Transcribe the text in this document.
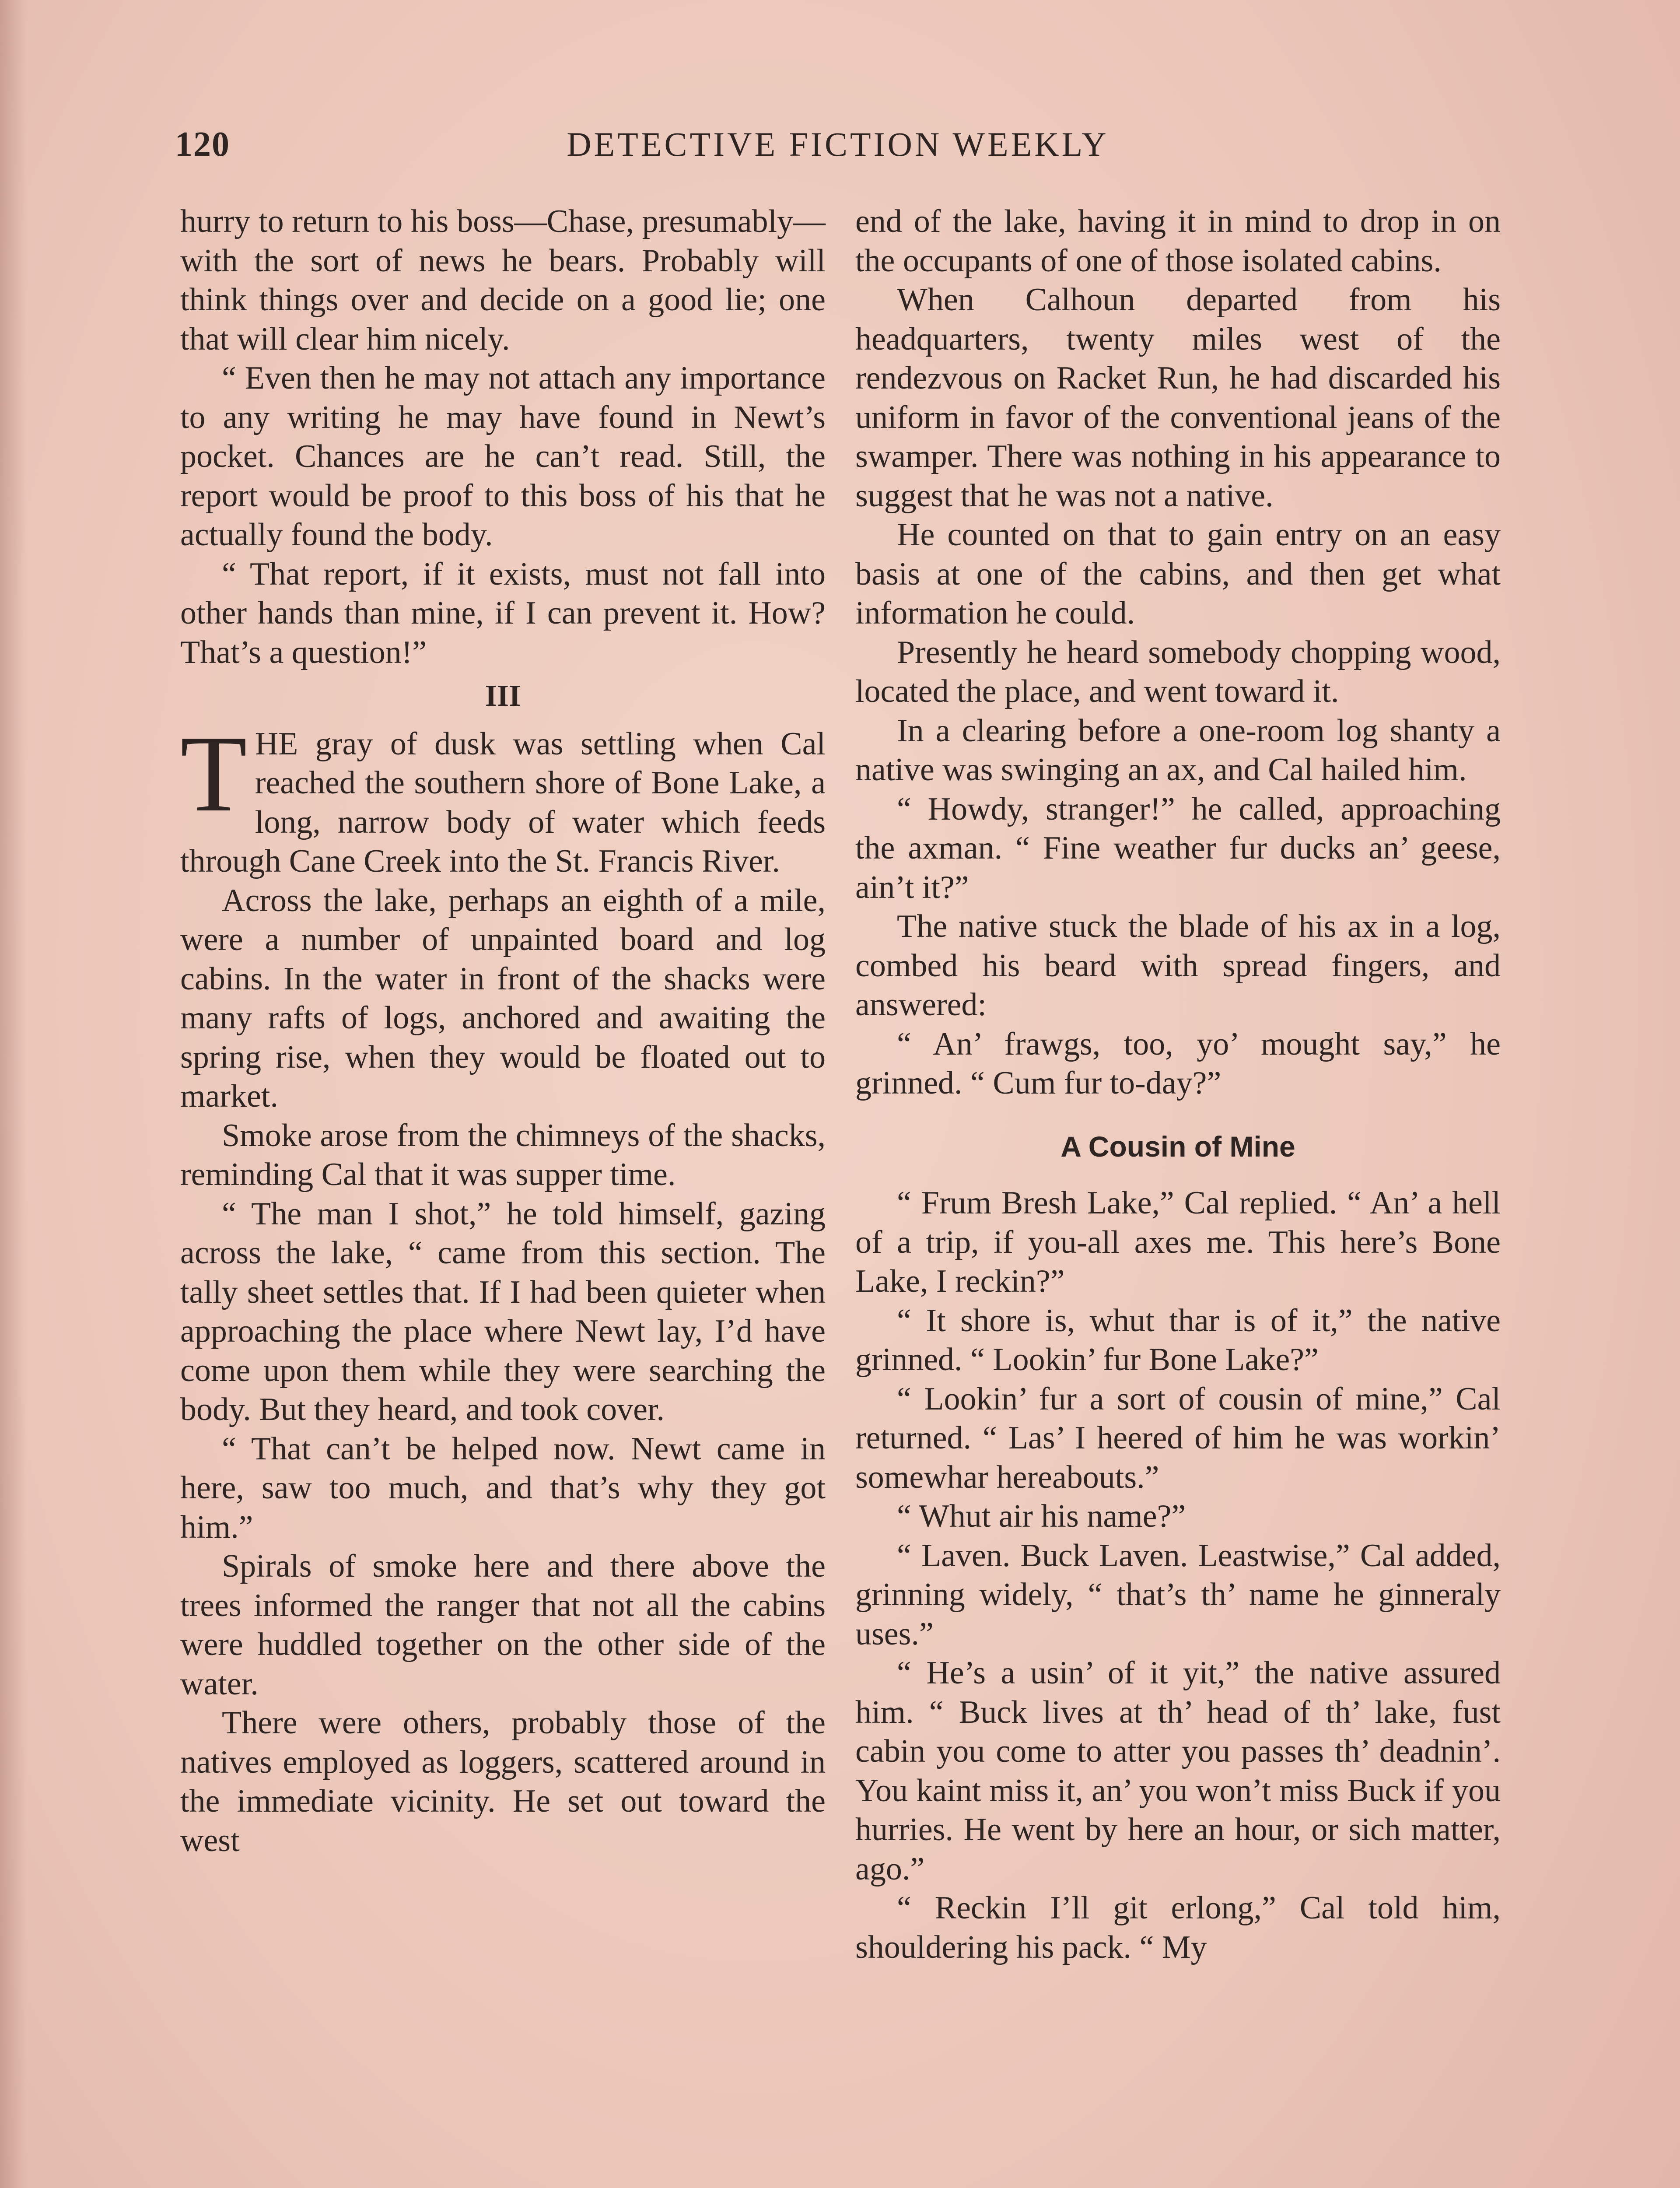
120	DETECTIVE FICTION WEEKLY

hurry to return to his boss—Chase, presumably—with the sort of news he bears. Probably will think things over and decide on a good lie; one that will clear him nicely.

“ Even then he may not attach any importance to any writing he may have found in Newt’s pocket. Chances are he can’t read. Still, the report would be proof to this boss of his that he actually found the body.

“ That report, if it exists, must not fall into other hands than mine, if I can prevent it. How? That’s a question!”

III

THE gray of dusk was settling when Cal reached the southern shore of Bone Lake, a long, narrow body of water which feeds through Cane Creek into the St. Francis River.

Across the lake, perhaps an eighth of a mile, were a number of unpainted board and log cabins. In the water in front of the shacks were many rafts of logs, anchored and awaiting the spring rise, when they would be floated out to market.

Smoke arose from the chimneys of the shacks, reminding Cal that it was supper time.

“ The man I shot,” he told himself, gazing across the lake, “ came from this section. The tally sheet settles that. If I had been quieter when approaching the place where Newt lay, I’d have come upon them while they were searching the body. But they heard, and took cover.

“ That can’t be helped now. Newt came in here, saw too much, and that’s why they got him.”

Spirals of smoke here and there above the trees informed the ranger that not all the cabins were huddled together on the other side of the water.

There were others, probably those of the natives employed as loggers, scattered around in the immediate vicinity. He set out toward the west

end of the lake, having it in mind to drop in on the occupants of one of those isolated cabins.

When Calhoun departed from his headquarters, twenty miles west of the rendezvous on Racket Run, he had discarded his uniform in favor of the conventional jeans of the swamper. There was nothing in his appearance to suggest that he was not a native.

He counted on that to gain entry on an easy basis at one of the cabins, and then get what information he could.

Presently he heard somebody chopping wood, located the place, and went toward it.

In a clearing before a one-room log shanty a native was swinging an ax, and Cal hailed him.

“ Howdy, stranger!” he called, approaching the axman. “ Fine weather fur ducks an’ geese, ain’t it?”

The native stuck the blade of his ax in a log, combed his beard with spread fingers, and answered:

“ An’ frawgs, too, yo’ mought say,” he grinned. “ Cum fur to-day?”

A Cousin of Mine

“ Frum Bresh Lake,” Cal replied. “ An’ a hell of a trip, if you-all axes me. This here’s Bone Lake, I reckin?”

“ It shore is, whut thar is of it,” the native grinned. “ Lookin’ fur Bone Lake?”

“ Lookin’ fur a sort of cousin of mine,” Cal returned. “ Las’ I heered of him he was workin’ somewhar hereabouts.”

“ Whut air his name?”

“ Laven. Buck Laven. Leastwise,” Cal added, grinning widely, “ that’s th’ name he ginneraly uses.”

“ He’s a usin’ of it yit,” the native assured him. “ Buck lives at th’ head of th’ lake, fust cabin you come to atter you passes th’ deadnin’. You kaint miss it, an’ you won’t miss Buck if you hurries. He went by here an hour, or sich matter, ago.”

“ Reckin I’ll git erlong,” Cal told him, shouldering his pack. “ My
